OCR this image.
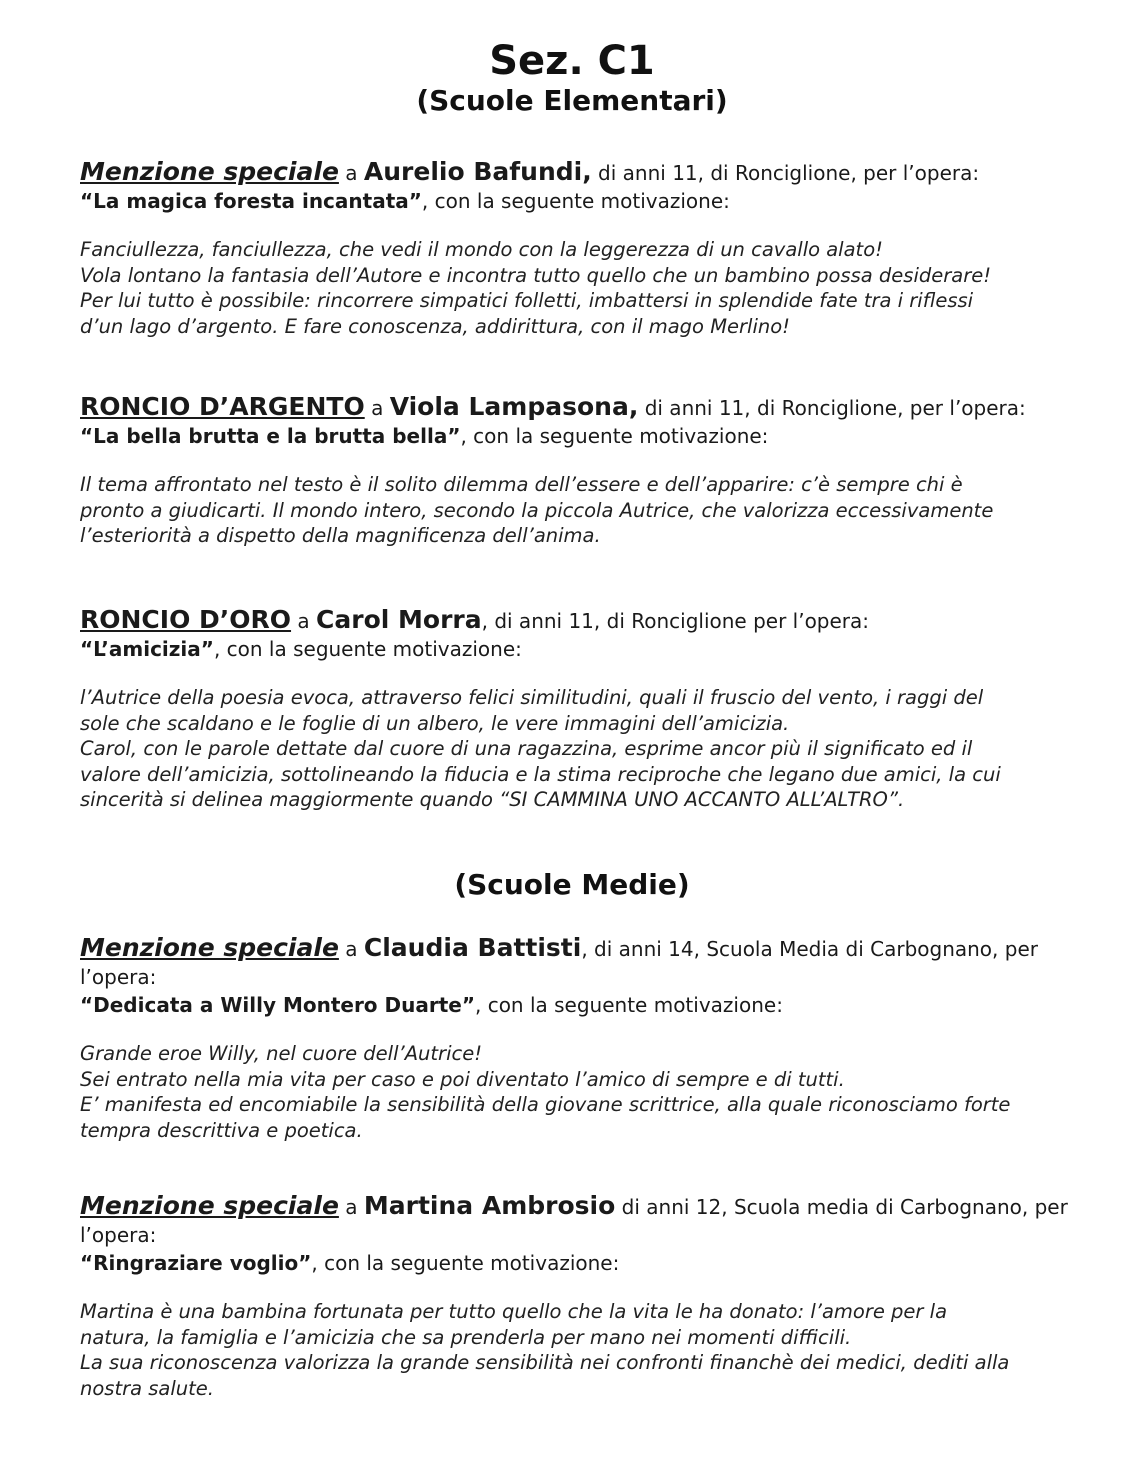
Sez. C1
(Scuole Elementari)

Menzione speciale a Aurelio Bafundi, di anni 11, di Ronciglione, per l’opera:
“La magica foresta incantata”, con la seguente motivazione:

Fanciullezza, fanciullezza, che vedi il mondo con la leggerezza di un cavallo alato!
Vola lontano la fantasia dell’Autore e incontra tutto quello che un bambino possa desiderare!
Per lui tutto è possibile: rincorrere simpatici folletti, imbattersi in splendide fate tra i riflessi
d’un lago d’argento. E fare conoscenza, addirittura, con il mago Merlino!

RONCIO D’ARGENTO a Viola Lampasona, di anni 11, di Ronciglione, per l’opera:
“La bella brutta e la brutta bella”, con la seguente motivazione:

Il tema affrontato nel testo è il solito dilemma dell’essere e dell’apparire: c’è sempre chi è
pronto a giudicarti. Il mondo intero, secondo la piccola Autrice, che valorizza eccessivamente
l’esteriorità a dispetto della magnificenza dell’anima.

RONCIO D’ORO a Carol Morra, di anni 11, di Ronciglione per l’opera:
“L’amicizia”, con la seguente motivazione:

l’Autrice della poesia evoca, attraverso felici similitudini, quali il fruscio del vento, i raggi del
sole che scaldano e le foglie di un albero, le vere immagini dell’amicizia.
Carol, con le parole dettate dal cuore di una ragazzina, esprime ancor più il significato ed il
valore dell’amicizia, sottolineando la fiducia e la stima reciproche che legano due amici, la cui
sincerità si delinea maggiormente quando “SI CAMMINA UNO ACCANTO ALL’ALTRO”.
(Scuole Medie)

Menzione speciale a Claudia Battisti, di anni 14, Scuola Media di Carbognano, per l’opera:
“Dedicata a Willy Montero Duarte”, con la seguente motivazione:

Grande eroe Willy, nel cuore dell’Autrice!
Sei entrato nella mia vita per caso e poi diventato l’amico di sempre e di tutti.
E’ manifesta ed encomiabile la sensibilità della giovane scrittrice, alla quale riconosciamo forte
tempra descrittiva e poetica.

Menzione speciale a Martina Ambrosio di anni 12, Scuola media di Carbognano, per l’opera:
“Ringraziare voglio”, con la seguente motivazione:

Martina è una bambina fortunata per tutto quello che la vita le ha donato: l’amore per la
natura, la famiglia e l’amicizia che sa prenderla per mano nei momenti difficili.
La sua riconoscenza valorizza la grande sensibilità nei confronti financhè dei medici, dediti alla
nostra salute.
